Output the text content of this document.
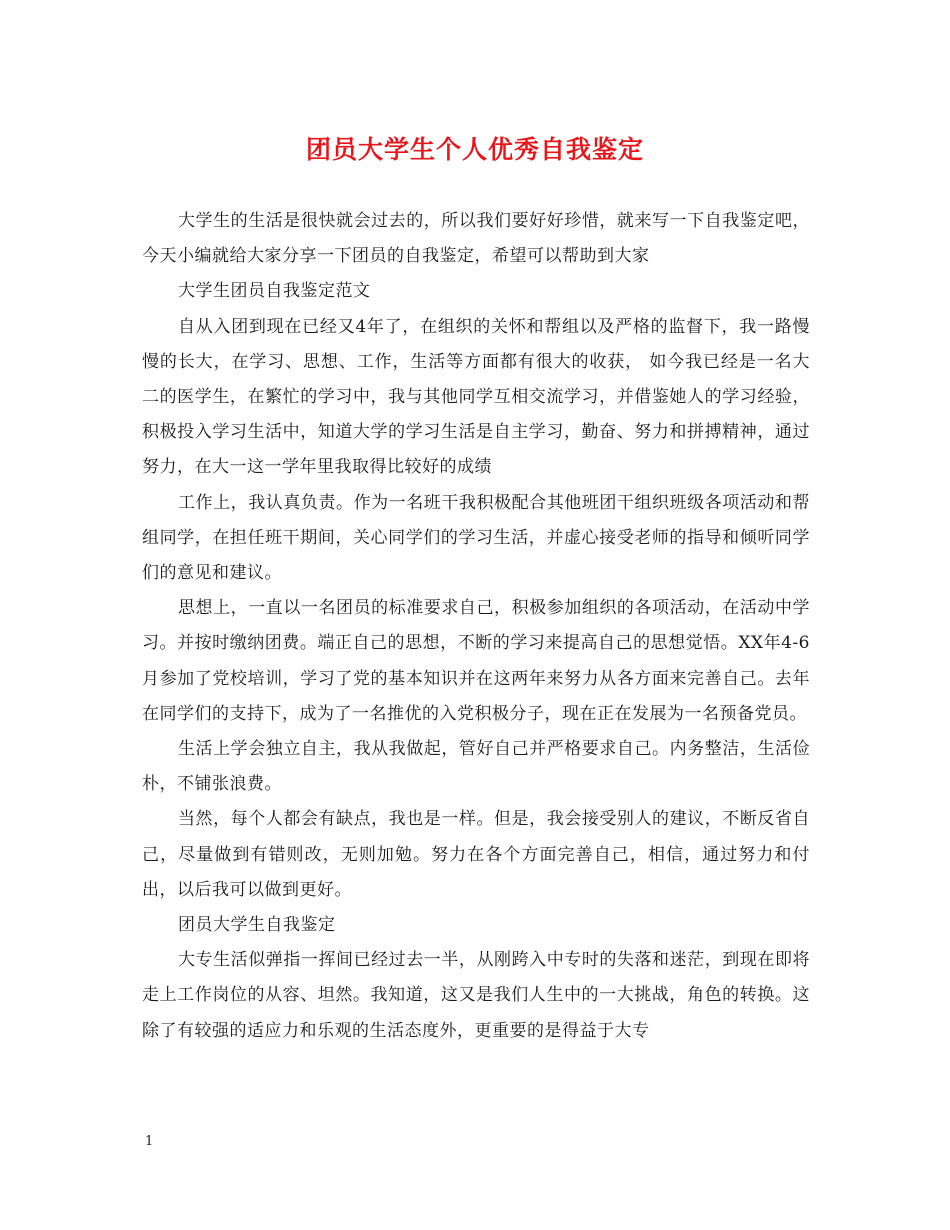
团员大学生个人优秀自我鉴定

大学生的生活是很快就会过去的，所以我们要好好珍惜，就来写一下自我鉴定吧，今天小编就给大家分享一下团员的自我鉴定，希望可以帮助到大家

大学生团员自我鉴定范文

自从入团到现在已经又4年了，在组织的关怀和帮组以及严格的监督下，我一路慢慢的长大，在学习、思想、工作，生活等方面都有很大的收获， 如今我已经是一名大二的医学生，在繁忙的学习中，我与其他同学互相交流学习，并借鉴她人的学习经验，积极投入学习生活中，知道大学的学习生活是自主学习，勤奋、努力和拼搏精神，通过努力，在大一这一学年里我取得比较好的成绩

工作上，我认真负责。作为一名班干我积极配合其他班团干组织班级各项活动和帮组同学，在担任班干期间，关心同学们的学习生活，并虚心接受老师的指导和倾听同学们的意见和建议。

思想上，一直以一名团员的标准要求自己，积极参加组织的各项活动，在活动中学习。并按时缴纳团费。端正自己的思想，不断的学习来提高自己的思想觉悟。XX年4-6月参加了党校培训，学习了党的基本知识并在这两年来努力从各方面来完善自己。去年在同学们的支持下，成为了一名推优的入党积极分子，现在正在发展为一名预备党员。

生活上学会独立自主，我从我做起，管好自己并严格要求自己。内务整洁，生活俭朴，不铺张浪费。

当然，每个人都会有缺点，我也是一样。但是，我会接受别人的建议，不断反省自己，尽量做到有错则改，无则加勉。努力在各个方面完善自己，相信，通过努力和付出，以后我可以做到更好。

团员大学生自我鉴定

大专生活似弹指一挥间已经过去一半，从刚跨入中专时的失落和迷茫，到现在即将走上工作岗位的从容、坦然。我知道，这又是我们人生中的一大挑战，角色的转换。这除了有较强的适应力和乐观的生活态度外，更重要的是得益于大专

1
